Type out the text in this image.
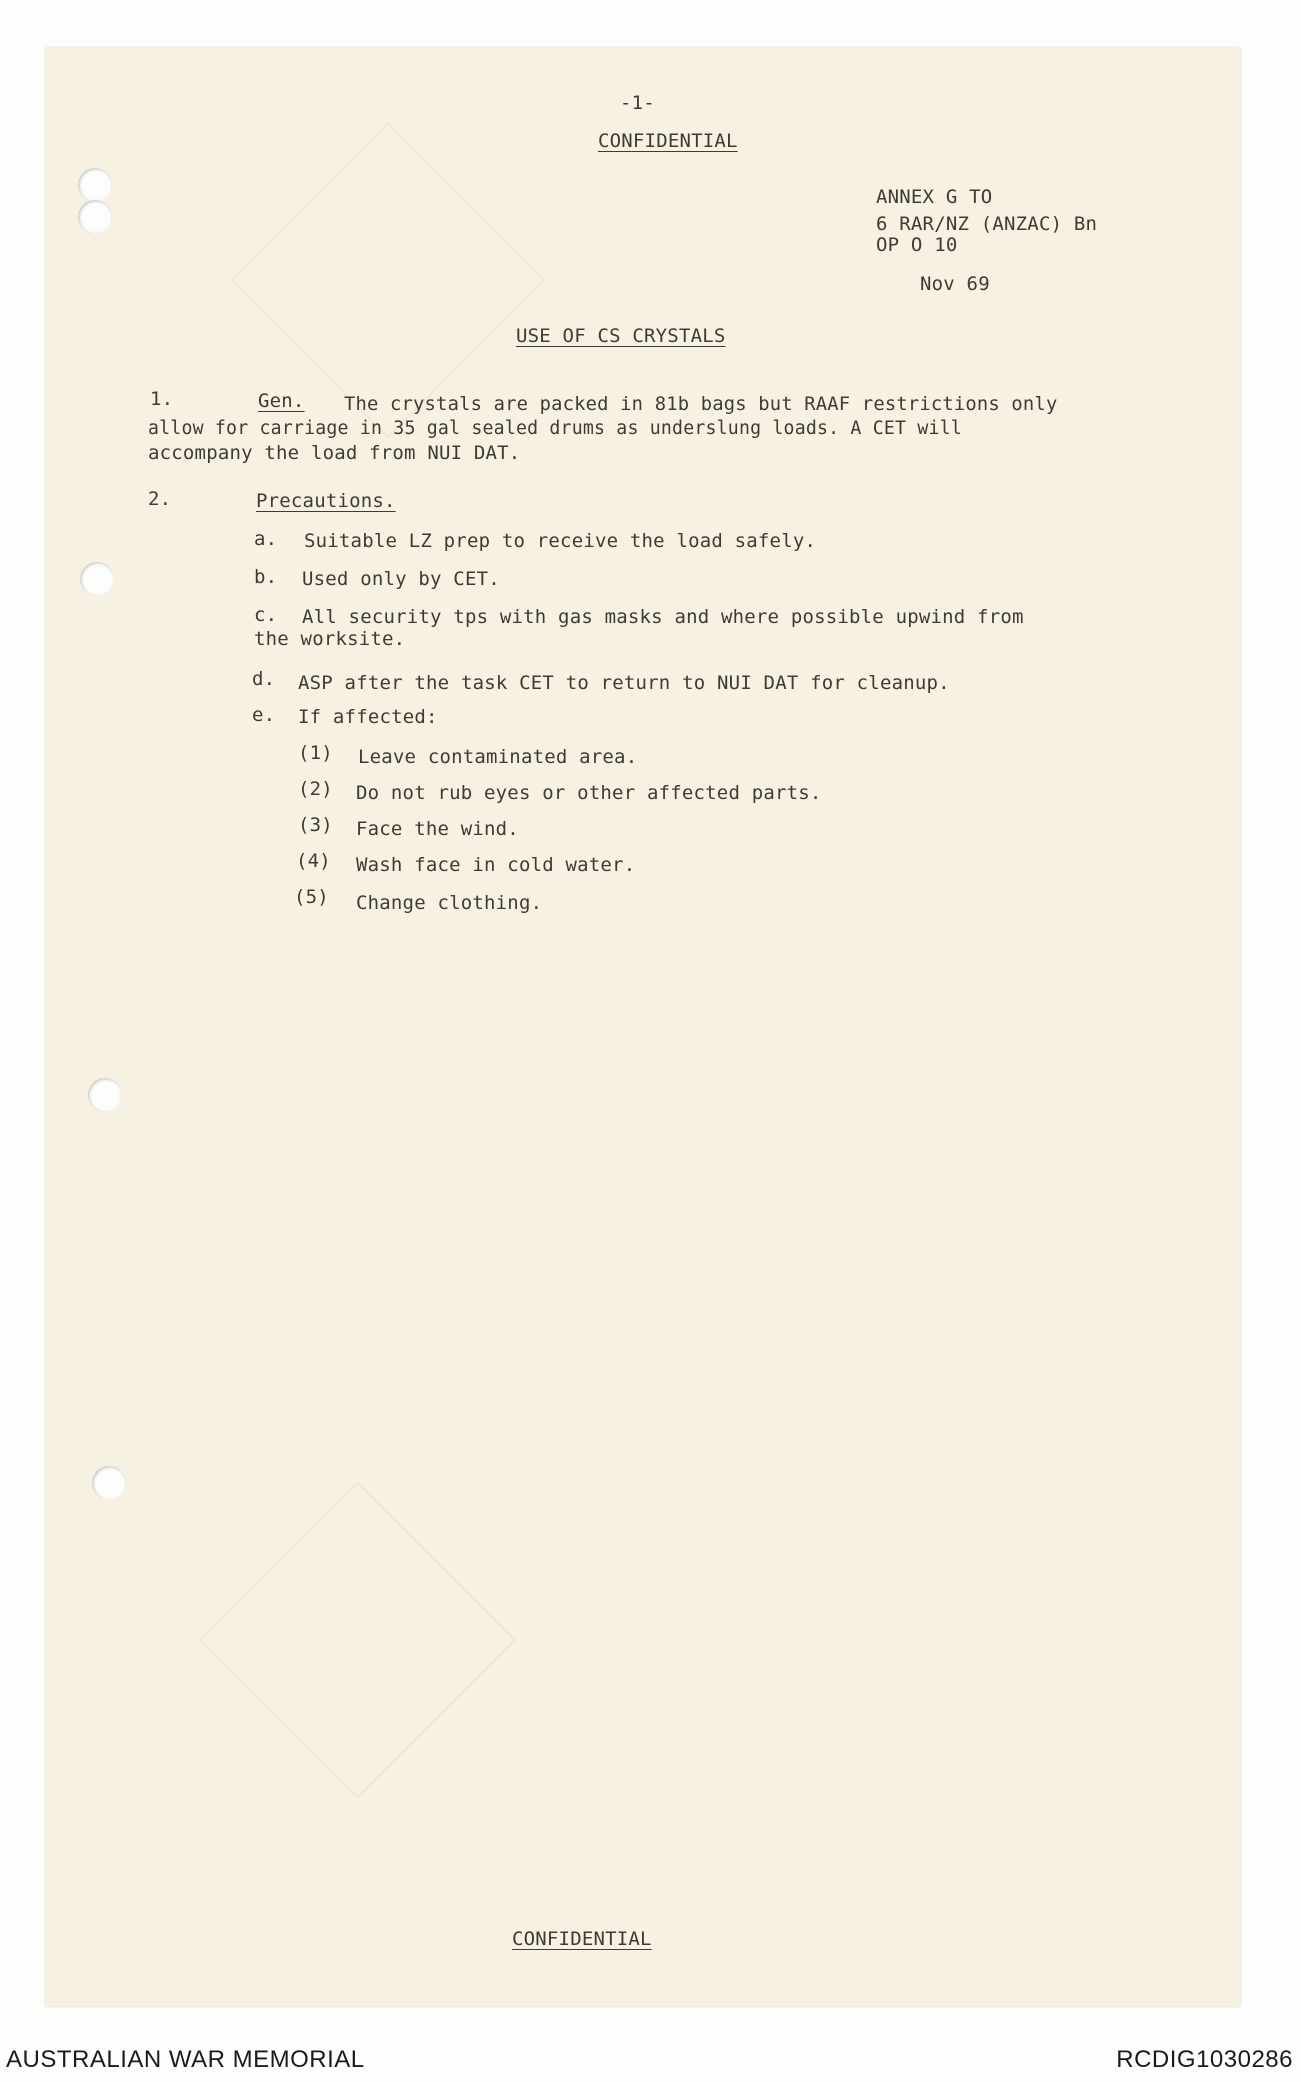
-1-
CONFIDENTIAL
ANNEX G TO
6 RAR/NZ (ANZAC) Bn
OP O 10
Nov 69
USE OF CS CRYSTALS
1.	Gen. The crystals are packed in 81b bags but RAAF restrictions only
allow for carriage in 35 gal sealed drums as underslung loads. A CET will
accompany the load from NUI DAT.
2.	Precautions.
a. Suitable LZ prep to receive the load safely.
b. Used only by CET.
c. All security tps with gas masks and where possible upwind from
the worksite.
d. ASP after the task CET to return to NUI DAT for cleanup.
e. If affected:
(1) Leave contaminated area.
(2) Do not rub eyes or other affected parts.
(3) Face the wind.
(4) Wash face in cold water.
(5) Change clothing.
CONFIDENTIAL
AUSTRALIAN WAR MEMORIAL	RCDIG1030286
